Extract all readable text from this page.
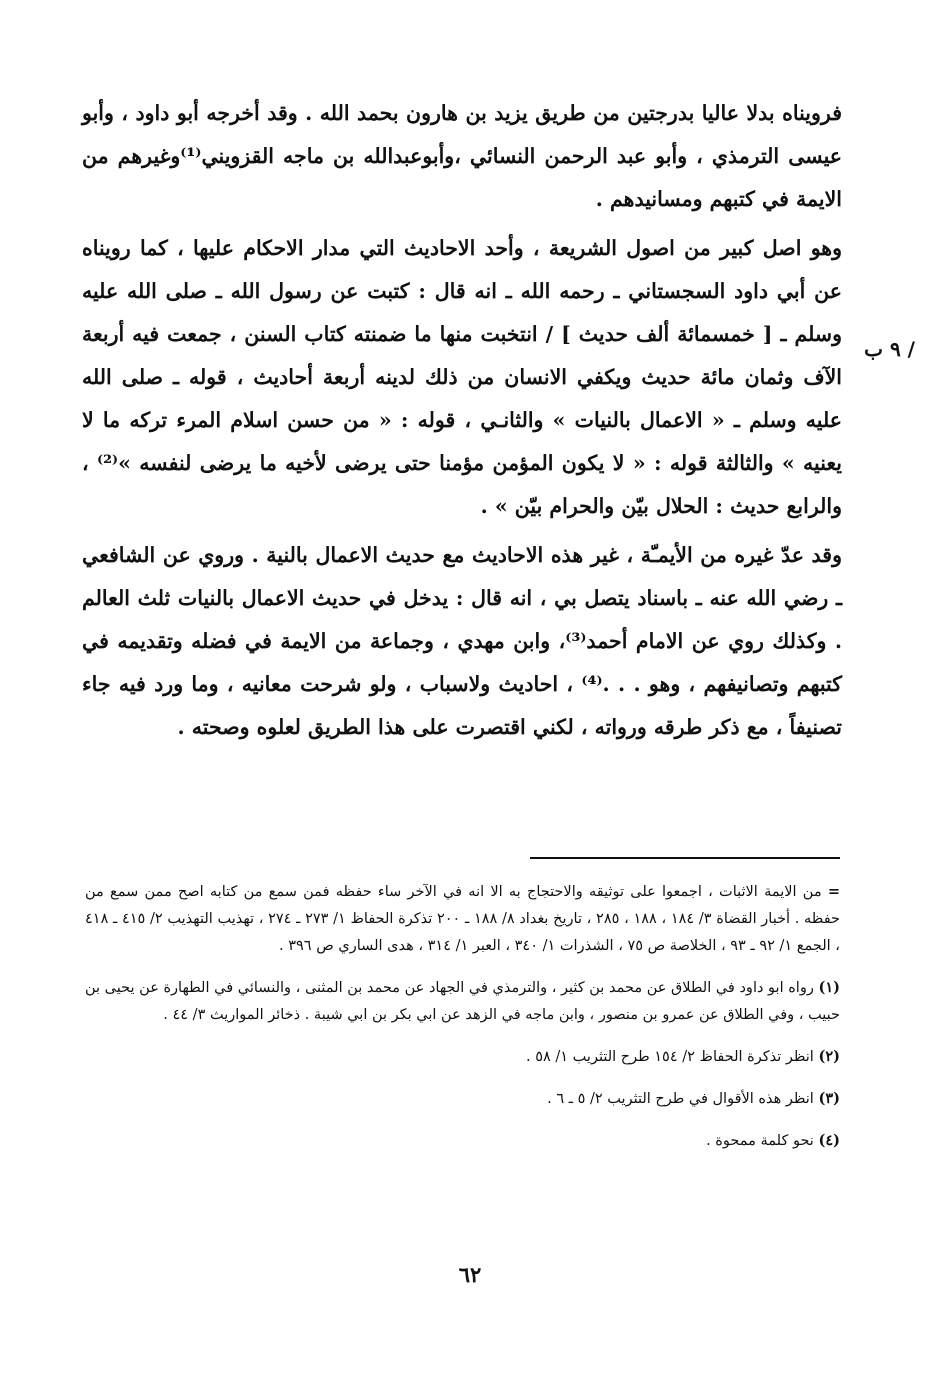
/ ٩ ب

فرويناه بدلا عاليا بدرجتين من طريق يزيد بن هارون بحمد الله . وقد أخرجه أبو داود ، وأبو عيسى الترمذي ، وأبو عبد الرحمن النسائي ،وأبوعبدالله بن ماجه القزويني⁽¹⁾وغيرهم من الايمة في كتبهم ومسانيدهم .

وهو اصل كبير من اصول الشريعة ، وأحد الاحاديث التي مدار الاحكام عليها ، كما رويناه عن أبي داود السجستاني ـ رحمه الله ـ انه قال : كتبت عن رسول الله ـ صلى الله عليه وسلم ـ [ خمسمائة ألف حديث ] / انتخبت منها ما ضمنته كتاب السنن ، جمعت فيه أربعة الآف وثمان مائة حديث ويكفي الانسان من ذلك لدينه أربعة أحاديث ، قوله ـ صلى الله عليه وسلم ـ « الاعمال بالنيات » والثانـي ، قوله : « من حسن اسلام المرء تركه ما لا يعنيه » والثالثة قوله : « لا يكون المؤمن مؤمنا حتى يرضى لأخيه ما يرضى لنفسه »⁽²⁾ ، والرابع حديث : الحلال بيّن والحرام بيّن » .

وقد عدّ غيره من الأيمـّة ، غير هذه الاحاديث مع حديث الاعمال بالنية . وروي عن الشافعي ـ رضي الله عنه ـ باسناد يتصل بي ، انه قال : يدخل في حديث الاعمال بالنيات ثلث العالم . وكذلك روي عن الامام أحمد⁽³⁾، وابن مهدي ، وجماعة من الايمة في فضله وتقديمه في كتبهم وتصانيفهم ، وهو . . .⁽⁴⁾ ، احاديث ولاسباب ، ولو شرحت معانيه ، وما ورد فيه جاء تصنيفاً ، مع ذكر طرقه ورواته ، لكني اقتصرت على هذا الطريق لعلوه وصحته .

= من الايمة الاثبات ، اجمعوا على توثيقه والاحتجاج به الا انه في الآخر ساء حفظه فمن سمع من كتابه اصح ممن سمع من حفظه . أخبار القضاة ٣/ ١٨٤ ، ١٨٨ ، ٢٨٥ ، تاريخ بغداد ٨/ ١٨٨ ـ ٢٠٠ تذكرة الحفاظ ١/ ٢٧٣ ـ ٢٧٤ ، تهذيب التهذيب ٢/ ٤١٥ ـ ٤١٨ ، الجمع ١/ ٩٢ ـ ٩٣ ، الخلاصة ص ٧٥ ، الشذرات ١/ ٣٤٠ ، العبر ١/ ٣١٤ ، هدى الساري ص ٣٩٦ .
(١) رواه ابو داود في الطلاق عن محمد بن كثير ، والترمذي في الجهاد عن محمد بن المثنى ، والنسائي في الطهارة عن يحيى بن حبيب ، وفي الطلاق عن عمرو بن منصور ، وابن ماجه في الزهد عن ابي بكر بن ابي شيبة . ذخائر المواريث ٣/ ٤٤ .
(٢) انظر تذكرة الحفاظ ٢/ ١٥٤ طرح التثريب ١/ ٥٨ .
(٣) انظر هذه الأقوال في طرح التثريب ٢/ ٥ ـ ٦ .
(٤) نحو كلمة ممحوة .
٦٢
